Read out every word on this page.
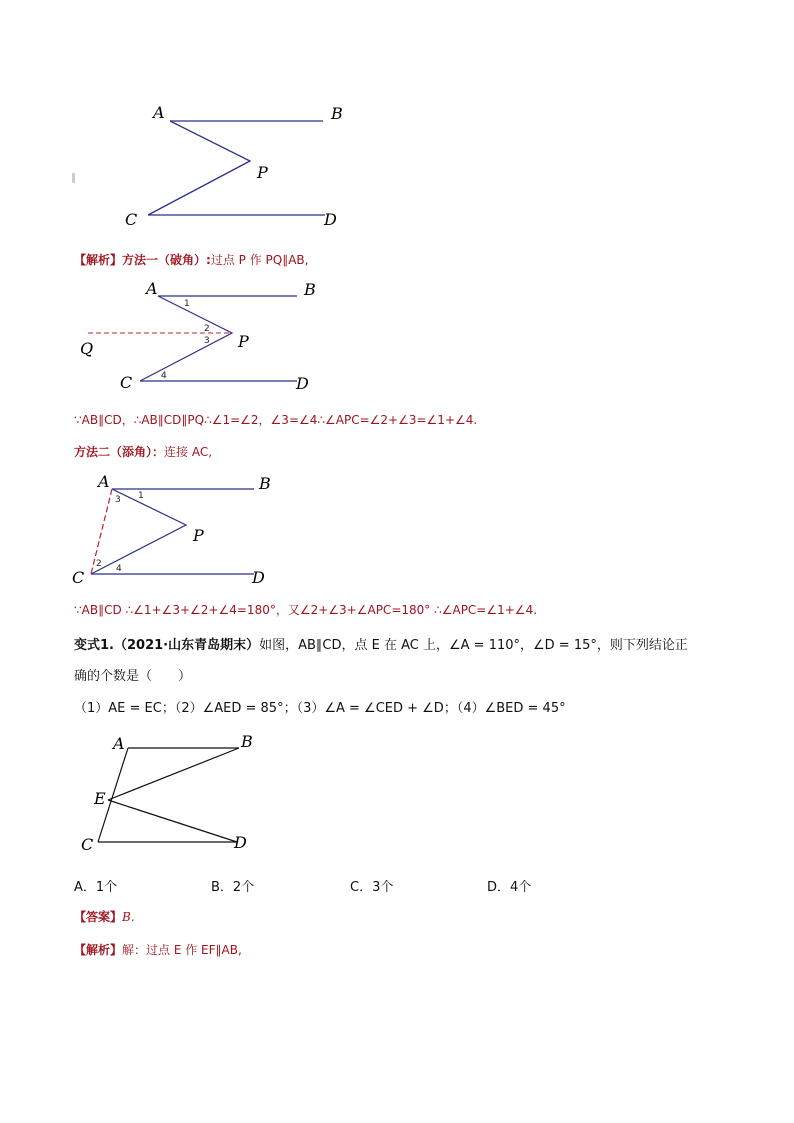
A	B
P
C	D
【解析】方法一（破角）:过点 P 作 PQ∥AB,
A	B
P
Q
C	D
1
2
3
4
∵AB∥CD，∴AB∥CD∥PQ∴∠1=∠2，∠3=∠4∴∠APC=∠2+∠3=∠1+∠4.
方法二（添角）：连接 AC,
A	B
P
C	D
1
2
3
4
∵AB∥CD ∴∠1+∠3+∠2+∠4=180°，又∠2+∠3+∠APC=180° ∴∠APC=∠1+∠4.
变式1.（2021·山东青岛期末）如图，AB∥CD，点 E 在 AC 上，∠A = 110°，∠D = 15°，则下列结论正
确的个数是（　　）
（1）AE = EC；（2）∠AED = 85°；（3）∠A = ∠CED + ∠D；（4）∠BED = 45°
A	B
E
C	D
A．1个	B．2个	C．3个	D．4个
【答案】B.
【解析】解：过点 E 作 EF∥AB,
